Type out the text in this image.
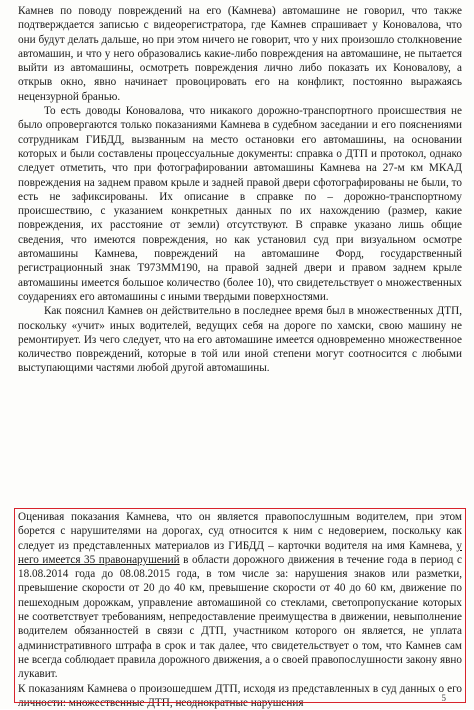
Камнев по поводу повреждений на его (Камнева) автомашине не говорил, что также подтверждается записью с видеорегистратора, где Камнев спрашивает у Коновалова, что они будут делать дальше, но при этом ничего не говорит, что у них произошло столкновение автомашин, и что у него образовались какие-либо повреждения на автомашине, не пытается выйти из автомашины, осмотреть повреждения лично либо показать их Коновалову, а открыв окно, явно начинает провоцировать его на конфликт, постоянно выражаясь нецензурной бранью.

То есть доводы Коновалова, что никакого дорожно-транспортного происшествия не было опровергаются только показаниями Камнева в судебном заседании и его пояснениями сотрудникам ГИБДД, вызванным на место остановки его автомашины, на основании которых и были составлены процессуальные документы: справка о ДТП и протокол, однако следует отметить, что при фотографировании автомашины Камнева на 27-м км МКАД повреждения на заднем правом крыле и задней правой двери сфотографированы не были, то есть не зафиксированы. Их описание в справке по – дорожно-транспортному происшествию, с указанием конкретных данных по их нахождению (размер, какие повреждения, их расстояние от земли) отсутствуют. В справке указано лишь общие сведения, что имеются повреждения, но как установил суд при визуальном осмотре автомашины Камнева, повреждений на автомашине Форд, государственный регистрационный знак Т973ММ190, на правой задней двери и правом заднем крыле автомашины имеется большое количество (более 10), что свидетельствует о множественных соударениях его автомашины с иными твердыми поверхностями.

Как пояснил Камнев он действительно в последнее время был в множественных ДТП, поскольку «учит» иных водителей, ведущих себя на дороге по хамски, свою машину не ремонтирует. Из чего следует, что на его автомашине имеется одновременно множественное количество повреждений, которые в той или иной степени могут соотносится с любыми выступающими частями любой другой автомашины.

Оценивая показания Камнева, что он является правопослушным водителем, при этом борется с нарушителями на дорогах, суд относится к ним с недоверием, поскольку как следует из представленных материалов из ГИБДД – карточки водителя на имя Камнева, у него имеется 35 правонарушений в области дорожного движения в течение года в период с 18.08.2014 года до 08.08.2015 года, в том числе за: нарушения знаков или разметки, превышение скорости от 20 до 40 км, превышение скорости от 40 до 60 км, движение по пешеходным дорожкам, управление автомашиной со стеклами, светопропускание которых не соответствует требованиям, непредоставление преимущества в движении, невыполнение водителем обязанностей в связи с ДТП, участником которого он является, не уплата административного штрафа в срок и так далее, что свидетельствует о том, что Камнев сам не всегда соблюдает правила дорожного движения, а о своей правопослушности закону явно лукавит.

К показаниям Камнева о произошедшем ДТП, исходя из представленных в суд данных о его личности: множественные ДТП, неоднократные нарушения	5
